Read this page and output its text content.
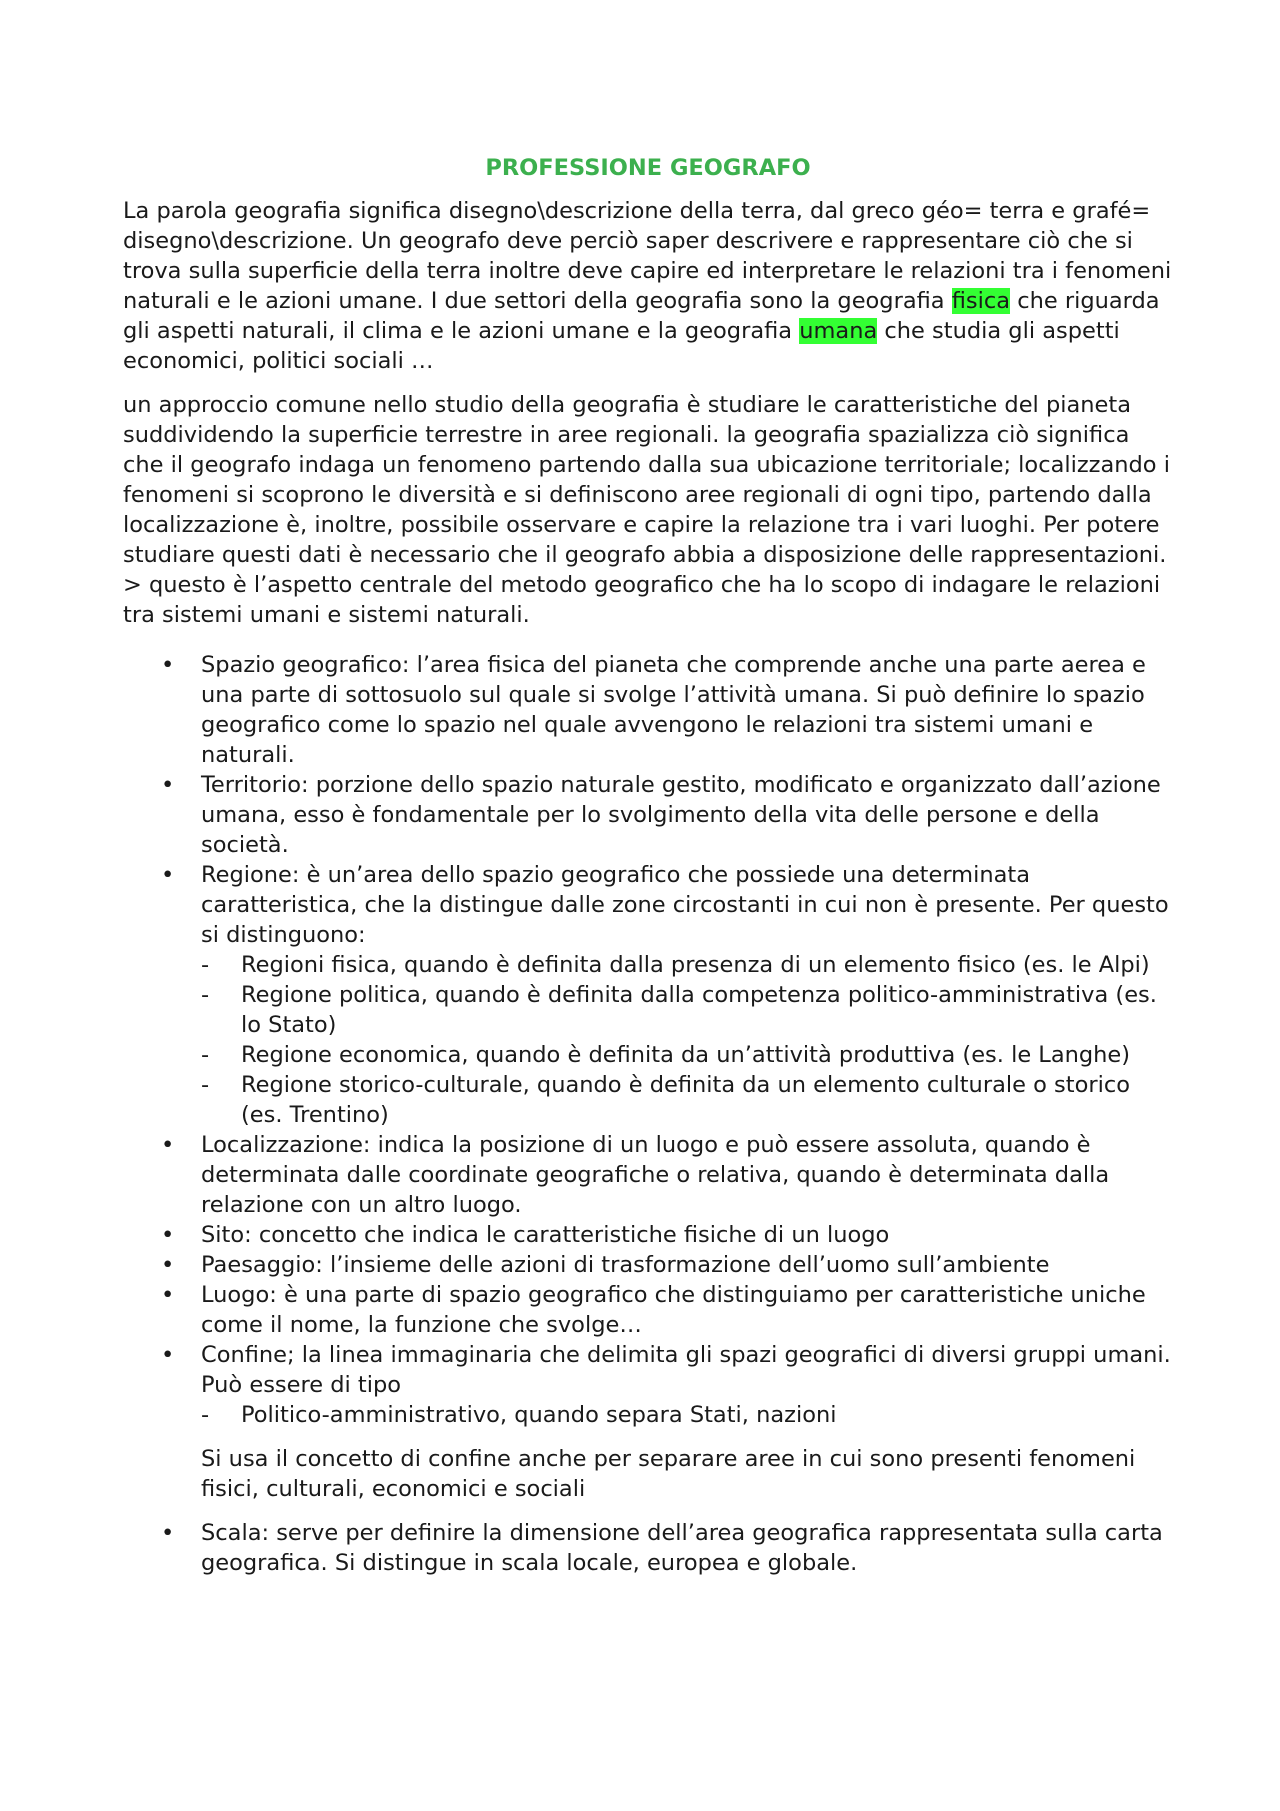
PROFESSIONE GEOGRAFO

La parola geografia significa disegno\descrizione della terra, dal greco géo= terra e grafé= disegno\descrizione. Un geografo deve perciò saper descrivere e rappresentare ciò che si trova sulla superficie della terra inoltre deve capire ed interpretare le relazioni tra i fenomeni naturali e le azioni umane. I due settori della geografia sono la geografia fisica che riguarda gli aspetti naturali, il clima e le azioni umane e la geografia umana che studia gli aspetti economici, politici sociali …

un approccio comune nello studio della geografia è studiare le caratteristiche del pianeta suddividendo la superficie terrestre in aree regionali. la geografia spazializza ciò significa che il geografo indaga un fenomeno partendo dalla sua ubicazione territoriale; localizzando i fenomeni si scoprono le diversità e si definiscono aree regionali di ogni tipo, partendo dalla localizzazione è, inoltre, possibile osservare e capire la relazione tra i vari luoghi. Per potere studiare questi dati è necessario che il geografo abbia a disposizione delle rappresentazioni.

> questo è l’aspetto centrale del metodo geografico che ha lo scopo di indagare le relazioni tra sistemi umani e sistemi naturali.

• Spazio geografico: l’area fisica del pianeta che comprende anche una parte aerea e una parte di sottosuolo sul quale si svolge l’attività umana. Si può definire lo spazio geografico come lo spazio nel quale avvengono le relazioni tra sistemi umani e naturali.
• Territorio: porzione dello spazio naturale gestito, modificato e organizzato dall’azione umana, esso è fondamentale per lo svolgimento della vita delle persone e della società.
• Regione: è un’area dello spazio geografico che possiede una determinata caratteristica, che la distingue dalle zone circostanti in cui non è presente. Per questo si distinguono:
- Regioni fisica, quando è definita dalla presenza di un elemento fisico (es. le Alpi)
- Regione politica, quando è definita dalla competenza politico-amministrativa (es. lo Stato)
- Regione economica, quando è definita da un’attività produttiva (es. le Langhe)
- Regione storico-culturale, quando è definita da un elemento culturale o storico (es. Trentino)
• Localizzazione: indica la posizione di un luogo e può essere assoluta, quando è determinata dalle coordinate geografiche o relativa, quando è determinata dalla relazione con un altro luogo.
• Sito: concetto che indica le caratteristiche fisiche di un luogo
• Paesaggio: l’insieme delle azioni di trasformazione dell’uomo sull’ambiente
• Luogo: è una parte di spazio geografico che distinguiamo per caratteristiche uniche come il nome, la funzione che svolge…
• Confine; la linea immaginaria che delimita gli spazi geografici di diversi gruppi umani. Può essere di tipo
- Politico-amministrativo, quando separa Stati, nazioni

Si usa il concetto di confine anche per separare aree in cui sono presenti fenomeni fisici, culturali, economici e sociali

• Scala: serve per definire la dimensione dell’area geografica rappresentata sulla carta geografica. Si distingue in scala locale, europea e globale.
